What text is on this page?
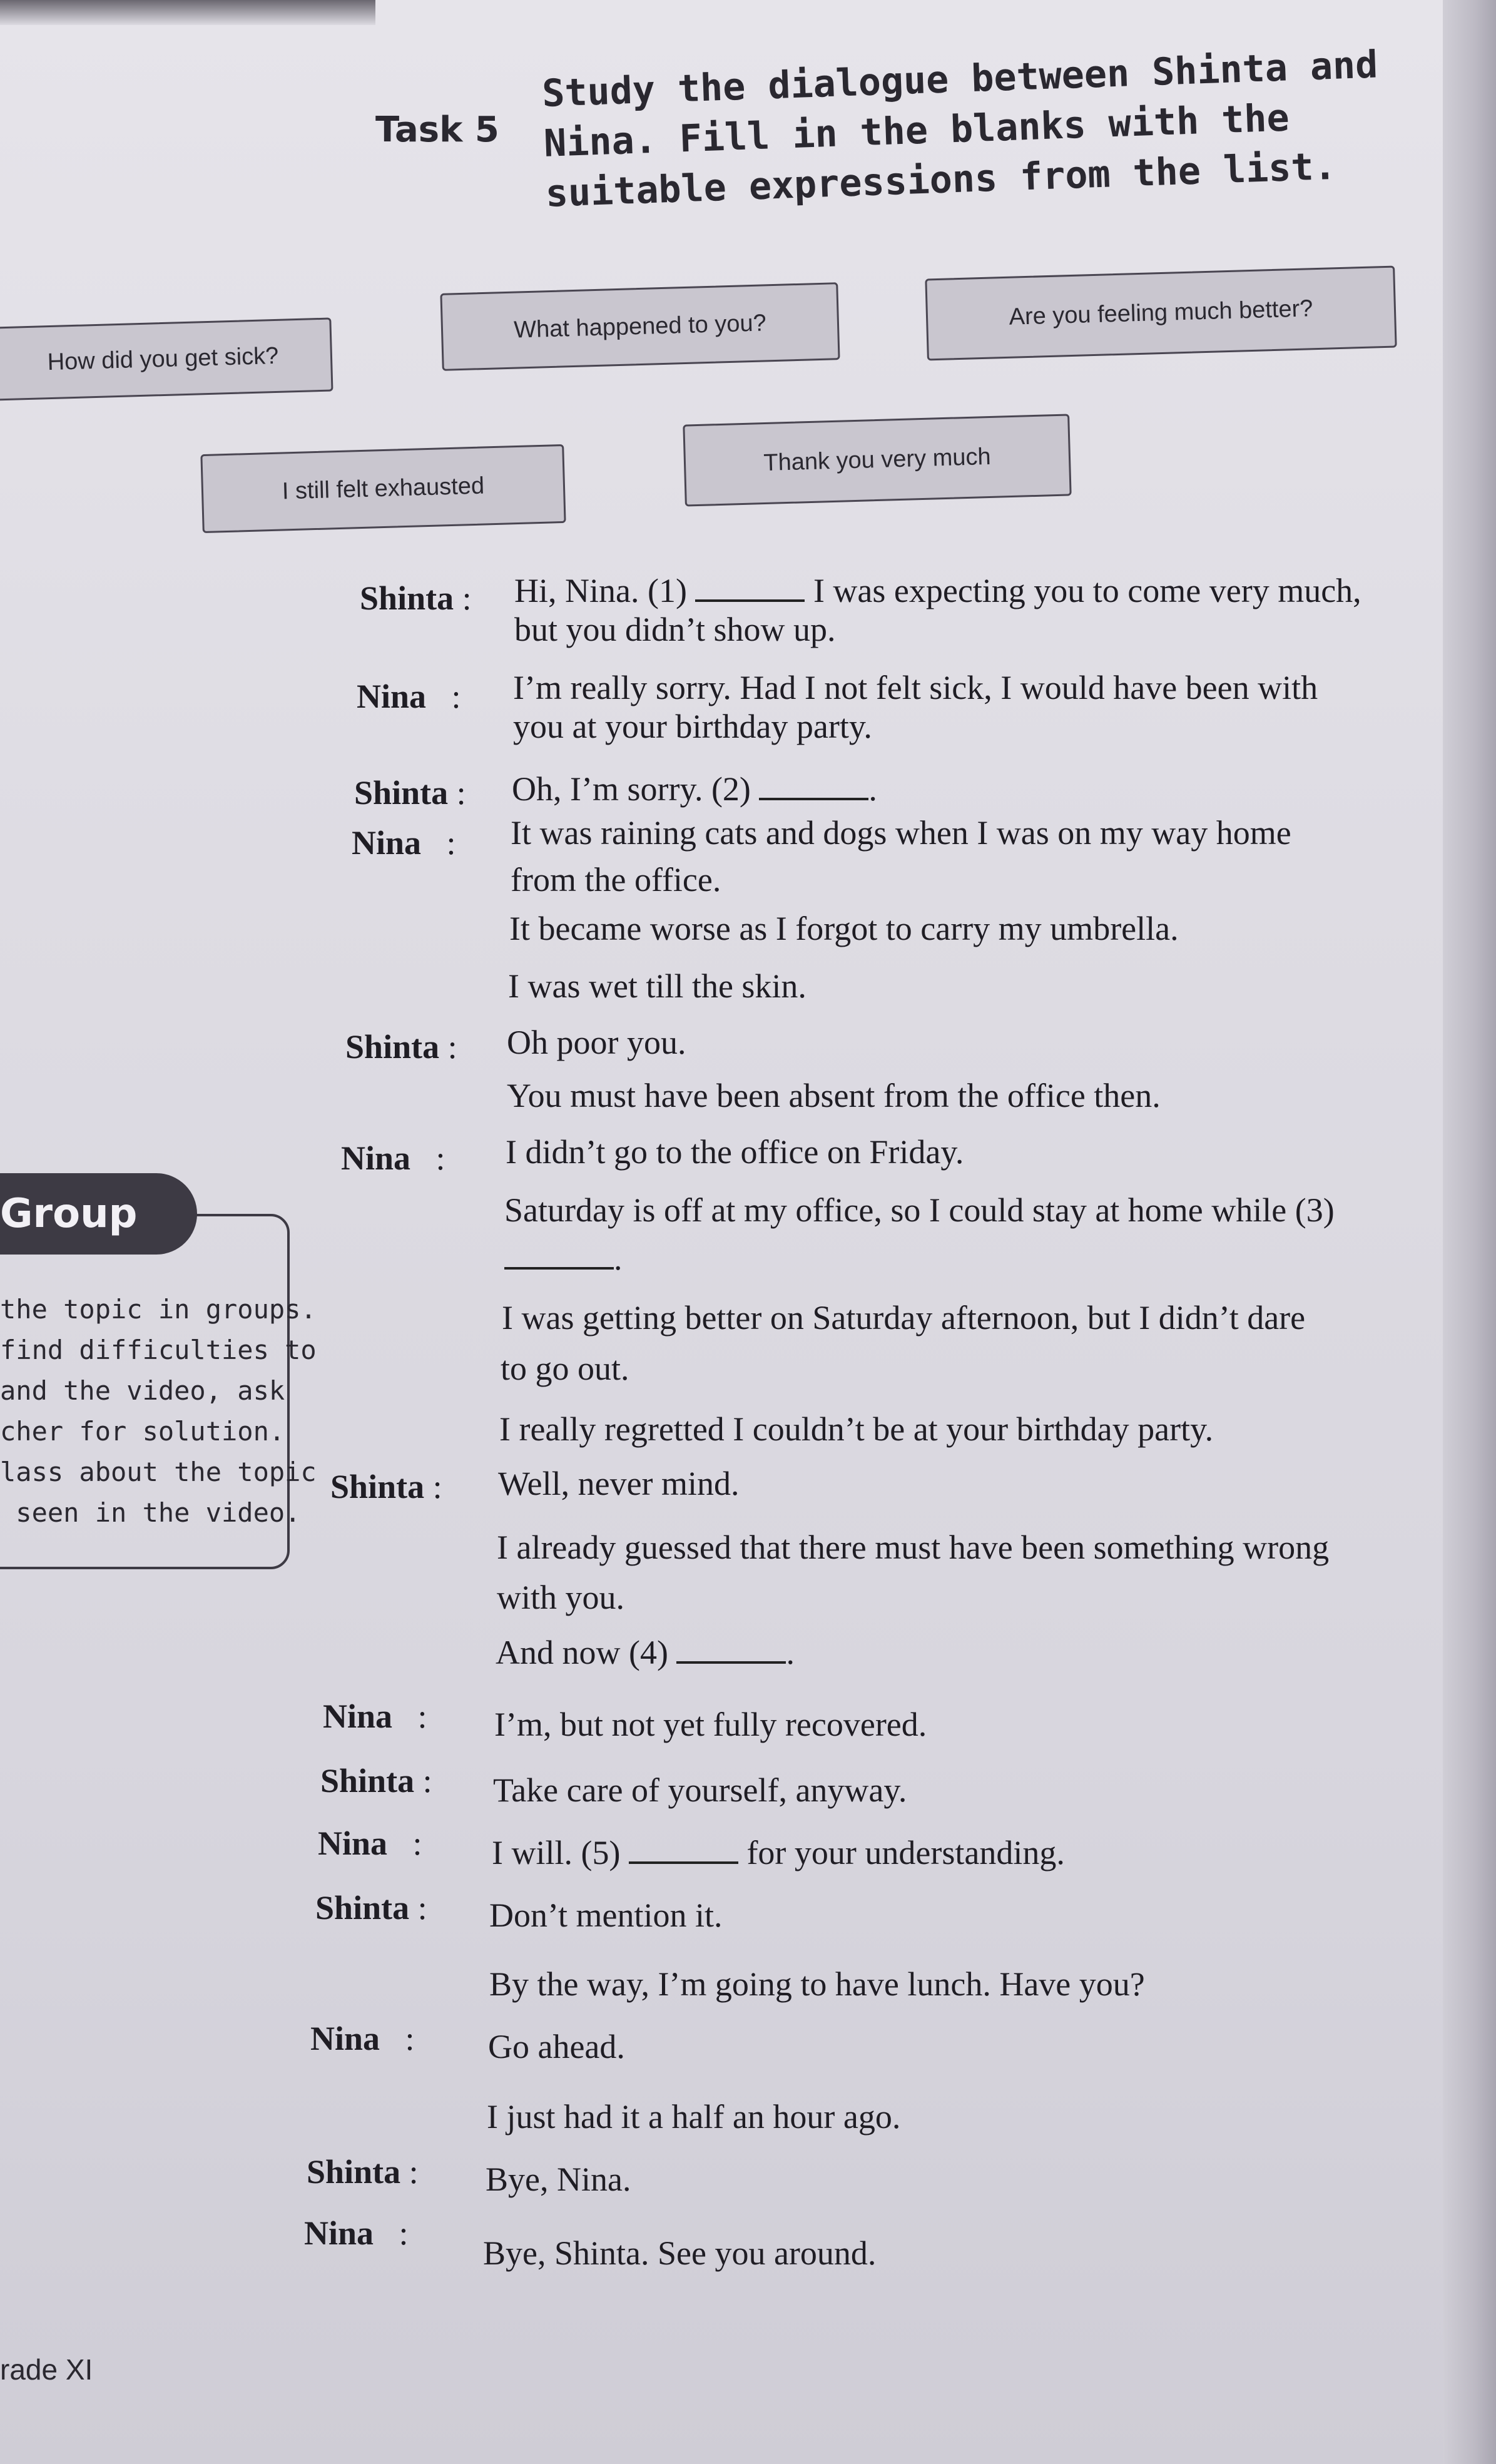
Task 5
Study the dialogue between Shinta and Nina. Fill in the blanks with the suitable expressions from the list.
How did you get sick?
What happened to you?	Are you feeling much better?
I still felt exhausted
Thank you very much
Group
the topic in groups.
find difficulties to
and the video, ask
cher for solution.
lass about the topic
seen in the video.
Shinta : Hi, Nina. (1)	I was expecting you to come very much,
but you didn’t show up.
Nina : I’m really sorry. Had I not felt sick, I would have been with
you at your birthday party.
Shinta : Oh, I’m sorry. (2)	.
Nina : It was raining cats and dogs when I was on my way home
from the office.
It became worse as I forgot to carry my umbrella.
I was wet till the skin.
Shinta : Oh poor you.
You must have been absent from the office then.
Nina : I didn’t go to the office on Friday.
Saturday is off at my office, so I could stay at home while (3)
.
I was getting better on Saturday afternoon, but I didn’t dare
to go out.
I really regretted I couldn’t be at your birthday party.
Shinta : Well, never mind.
I already guessed that there must have been something wrong
with you.
And now (4)	.
Nina : I’m, but not yet fully recovered.
Shinta : Take care of yourself, anyway.
Nina : I will. (5)	for your understanding.
Shinta : Don’t mention it.
By the way, I’m going to have lunch. Have you?
Nina : Go ahead.
I just had it a half an hour ago.
Shinta : Bye, Nina.
Nina :
Bye, Shinta. See you around.
rade XI
